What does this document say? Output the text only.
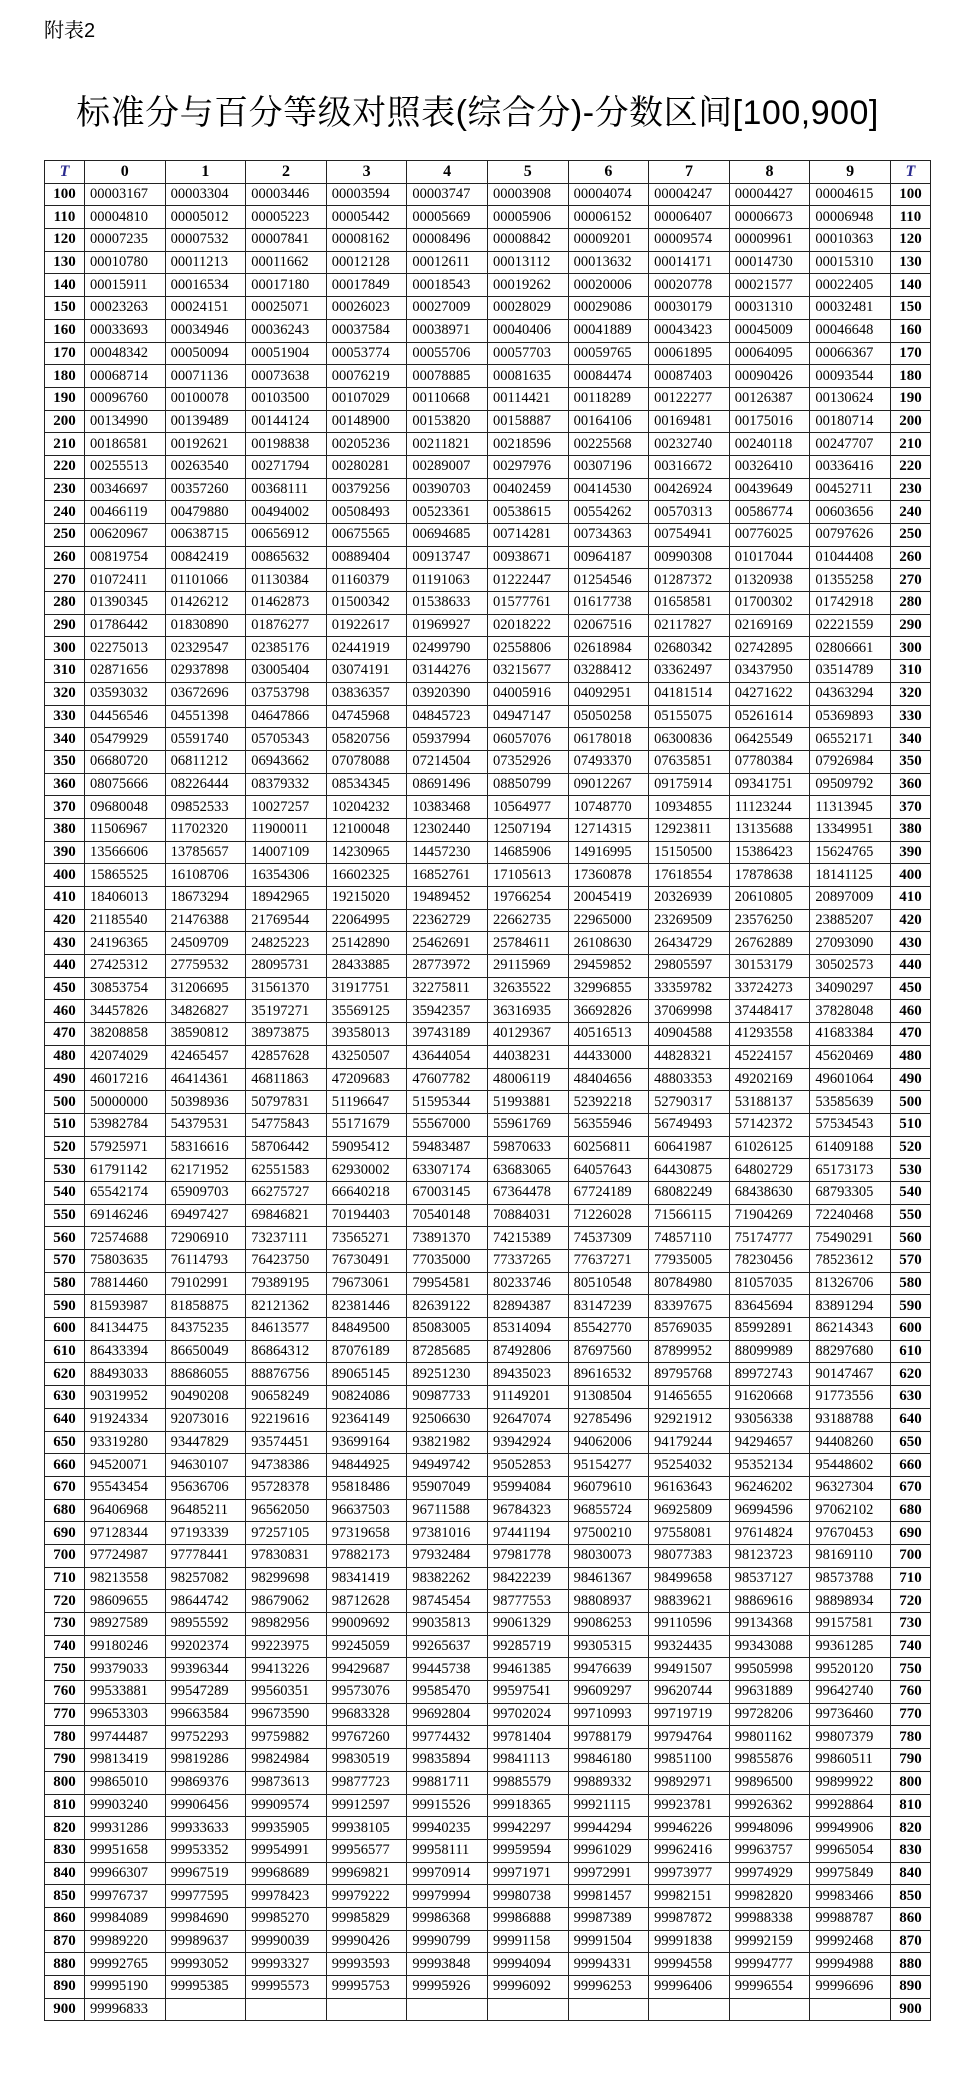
附表2
标准分与百分等级对照表(综合分)-分数区间[100,900]
T	0	1	2	3	4	5	6	7	8	9	T
100	00003167	00003304	00003446	00003594	00003747	00003908	00004074	00004247	00004427	00004615	100
110	00004810	00005012	00005223	00005442	00005669	00005906	00006152	00006407	00006673	00006948	110
120	00007235	00007532	00007841	00008162	00008496	00008842	00009201	00009574	00009961	00010363	120
130	00010780	00011213	00011662	00012128	00012611	00013112	00013632	00014171	00014730	00015310	130
140	00015911	00016534	00017180	00017849	00018543	00019262	00020006	00020778	00021577	00022405	140
150	00023263	00024151	00025071	00026023	00027009	00028029	00029086	00030179	00031310	00032481	150
160	00033693	00034946	00036243	00037584	00038971	00040406	00041889	00043423	00045009	00046648	160
170	00048342	00050094	00051904	00053774	00055706	00057703	00059765	00061895	00064095	00066367	170
180	00068714	00071136	00073638	00076219	00078885	00081635	00084474	00087403	00090426	00093544	180
190	00096760	00100078	00103500	00107029	00110668	00114421	00118289	00122277	00126387	00130624	190
200	00134990	00139489	00144124	00148900	00153820	00158887	00164106	00169481	00175016	00180714	200
210	00186581	00192621	00198838	00205236	00211821	00218596	00225568	00232740	00240118	00247707	210
220	00255513	00263540	00271794	00280281	00289007	00297976	00307196	00316672	00326410	00336416	220
230	00346697	00357260	00368111	00379256	00390703	00402459	00414530	00426924	00439649	00452711	230
240	00466119	00479880	00494002	00508493	00523361	00538615	00554262	00570313	00586774	00603656	240
250	00620967	00638715	00656912	00675565	00694685	00714281	00734363	00754941	00776025	00797626	250
260	00819754	00842419	00865632	00889404	00913747	00938671	00964187	00990308	01017044	01044408	260
270	01072411	01101066	01130384	01160379	01191063	01222447	01254546	01287372	01320938	01355258	270
280	01390345	01426212	01462873	01500342	01538633	01577761	01617738	01658581	01700302	01742918	280
290	01786442	01830890	01876277	01922617	01969927	02018222	02067516	02117827	02169169	02221559	290
300	02275013	02329547	02385176	02441919	02499790	02558806	02618984	02680342	02742895	02806661	300
310	02871656	02937898	03005404	03074191	03144276	03215677	03288412	03362497	03437950	03514789	310
320	03593032	03672696	03753798	03836357	03920390	04005916	04092951	04181514	04271622	04363294	320
330	04456546	04551398	04647866	04745968	04845723	04947147	05050258	05155075	05261614	05369893	330
340	05479929	05591740	05705343	05820756	05937994	06057076	06178018	06300836	06425549	06552171	340
350	06680720	06811212	06943662	07078088	07214504	07352926	07493370	07635851	07780384	07926984	350
360	08075666	08226444	08379332	08534345	08691496	08850799	09012267	09175914	09341751	09509792	360
370	09680048	09852533	10027257	10204232	10383468	10564977	10748770	10934855	11123244	11313945	370
380	11506967	11702320	11900011	12100048	12302440	12507194	12714315	12923811	13135688	13349951	380
390	13566606	13785657	14007109	14230965	14457230	14685906	14916995	15150500	15386423	15624765	390
400	15865525	16108706	16354306	16602325	16852761	17105613	17360878	17618554	17878638	18141125	400
410	18406013	18673294	18942965	19215020	19489452	19766254	20045419	20326939	20610805	20897009	410
420	21185540	21476388	21769544	22064995	22362729	22662735	22965000	23269509	23576250	23885207	420
430	24196365	24509709	24825223	25142890	25462691	25784611	26108630	26434729	26762889	27093090	430
440	27425312	27759532	28095731	28433885	28773972	29115969	29459852	29805597	30153179	30502573	440
450	30853754	31206695	31561370	31917751	32275811	32635522	32996855	33359782	33724273	34090297	450
460	34457826	34826827	35197271	35569125	35942357	36316935	36692826	37069998	37448417	37828048	460
470	38208858	38590812	38973875	39358013	39743189	40129367	40516513	40904588	41293558	41683384	470
480	42074029	42465457	42857628	43250507	43644054	44038231	44433000	44828321	45224157	45620469	480
490	46017216	46414361	46811863	47209683	47607782	48006119	48404656	48803353	49202169	49601064	490
500	50000000	50398936	50797831	51196647	51595344	51993881	52392218	52790317	53188137	53585639	500
510	53982784	54379531	54775843	55171679	55567000	55961769	56355946	56749493	57142372	57534543	510
520	57925971	58316616	58706442	59095412	59483487	59870633	60256811	60641987	61026125	61409188	520
530	61791142	62171952	62551583	62930002	63307174	63683065	64057643	64430875	64802729	65173173	530
540	65542174	65909703	66275727	66640218	67003145	67364478	67724189	68082249	68438630	68793305	540
550	69146246	69497427	69846821	70194403	70540148	70884031	71226028	71566115	71904269	72240468	550
560	72574688	72906910	73237111	73565271	73891370	74215389	74537309	74857110	75174777	75490291	560
570	75803635	76114793	76423750	76730491	77035000	77337265	77637271	77935005	78230456	78523612	570
580	78814460	79102991	79389195	79673061	79954581	80233746	80510548	80784980	81057035	81326706	580
590	81593987	81858875	82121362	82381446	82639122	82894387	83147239	83397675	83645694	83891294	590
600	84134475	84375235	84613577	84849500	85083005	85314094	85542770	85769035	85992891	86214343	600
610	86433394	86650049	86864312	87076189	87285685	87492806	87697560	87899952	88099989	88297680	610
620	88493033	88686055	88876756	89065145	89251230	89435023	89616532	89795768	89972743	90147467	620
630	90319952	90490208	90658249	90824086	90987733	91149201	91308504	91465655	91620668	91773556	630
640	91924334	92073016	92219616	92364149	92506630	92647074	92785496	92921912	93056338	93188788	640
650	93319280	93447829	93574451	93699164	93821982	93942924	94062006	94179244	94294657	94408260	650
660	94520071	94630107	94738386	94844925	94949742	95052853	95154277	95254032	95352134	95448602	660
670	95543454	95636706	95728378	95818486	95907049	95994084	96079610	96163643	96246202	96327304	670
680	96406968	96485211	96562050	96637503	96711588	96784323	96855724	96925809	96994596	97062102	680
690	97128344	97193339	97257105	97319658	97381016	97441194	97500210	97558081	97614824	97670453	690
700	97724987	97778441	97830831	97882173	97932484	97981778	98030073	98077383	98123723	98169110	700
710	98213558	98257082	98299698	98341419	98382262	98422239	98461367	98499658	98537127	98573788	710
720	98609655	98644742	98679062	98712628	98745454	98777553	98808937	98839621	98869616	98898934	720
730	98927589	98955592	98982956	99009692	99035813	99061329	99086253	99110596	99134368	99157581	730
740	99180246	99202374	99223975	99245059	99265637	99285719	99305315	99324435	99343088	99361285	740
750	99379033	99396344	99413226	99429687	99445738	99461385	99476639	99491507	99505998	99520120	750
760	99533881	99547289	99560351	99573076	99585470	99597541	99609297	99620744	99631889	99642740	760
770	99653303	99663584	99673590	99683328	99692804	99702024	99710993	99719719	99728206	99736460	770
780	99744487	99752293	99759882	99767260	99774432	99781404	99788179	99794764	99801162	99807379	780
790	99813419	99819286	99824984	99830519	99835894	99841113	99846180	99851100	99855876	99860511	790
800	99865010	99869376	99873613	99877723	99881711	99885579	99889332	99892971	99896500	99899922	800
810	99903240	99906456	99909574	99912597	99915526	99918365	99921115	99923781	99926362	99928864	810
820	99931286	99933633	99935905	99938105	99940235	99942297	99944294	99946226	99948096	99949906	820
830	99951658	99953352	99954991	99956577	99958111	99959594	99961029	99962416	99963757	99965054	830
840	99966307	99967519	99968689	99969821	99970914	99971971	99972991	99973977	99974929	99975849	840
850	99976737	99977595	99978423	99979222	99979994	99980738	99981457	99982151	99982820	99983466	850
860	99984089	99984690	99985270	99985829	99986368	99986888	99987389	99987872	99988338	99988787	860
870	99989220	99989637	99990039	99990426	99990799	99991158	99991504	99991838	99992159	99992468	870
880	99992765	99993052	99993327	99993593	99993848	99994094	99994331	99994558	99994777	99994988	880
890	99995190	99995385	99995573	99995753	99995926	99996092	99996253	99996406	99996554	99996696	890
900	99996833										900
